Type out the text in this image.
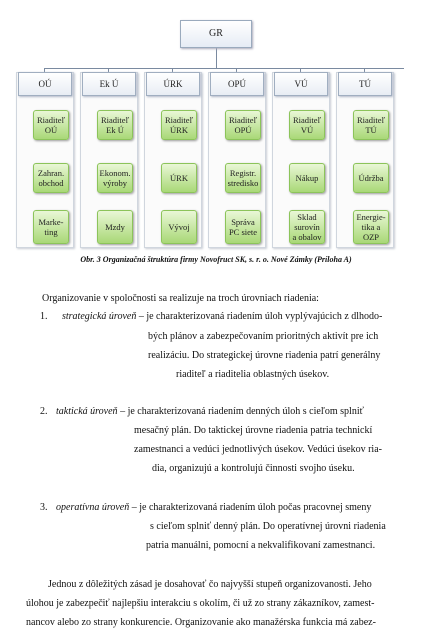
GR
OÚ
Riaditeľ
OÚ
Zahran.
obchod
Marke-
ting
Ek Ú
Riaditeľ
Ek Ú
Ekonom.
výroby
Mzdy
ÚRK
Riaditeľ
ÚRK
ÚRK
Vývoj
OPÚ
Riaditeľ
OPÚ
Registr.
stredisko
Správa
PC siete
VÚ
Riaditeľ
VÚ
Nákup
Sklad
surovín
a obalov
TÚ
Riaditeľ
TÚ
Údržba
Energie-
tika a
OZP
Obr. 3 Organizačná štruktúra firmy Novofruct SK, s. r. o. Nové Zámky (Príloha A)
Organizovanie v spoločnosti sa realizuje na troch úrovniach riadenia:
1. strategická úroveň – je charakterizovaná riadením úloh vyplývajúcich z dlhodo-
bých plánov a zabezpečovaním prioritných aktivít pre ich
realizáciu. Do strategickej úrovne riadenia patrí generálny
riaditeľ a riaditelia oblastných úsekov.
2. taktická úroveň – je charakterizovaná riadením denných úloh s cieľom splniť
mesačný plán. Do taktickej úrovne riadenia patria technickí
zamestnanci a vedúci jednotlivých úsekov. Vedúci úsekov ria-
dia, organizujú a kontrolujú činnosti svojho úseku.
3. operatívna úroveň – je charakterizovaná riadením úloh počas pracovnej smeny
s cieľom splniť denný plán. Do operatívnej úrovni riadenia
patria manuálni, pomocní a nekvalifikovaní zamestnanci.
Jednou z dôležitých zásad je dosahovať čo najvyšší stupeň organizovanosti. Jeho
úlohou je zabezpečiť najlepšiu interakciu s okolím, či už zo strany zákazníkov, zamest-
nancov alebo zo strany konkurencie. Organizovanie ako manažérska funkcia má zabez-
